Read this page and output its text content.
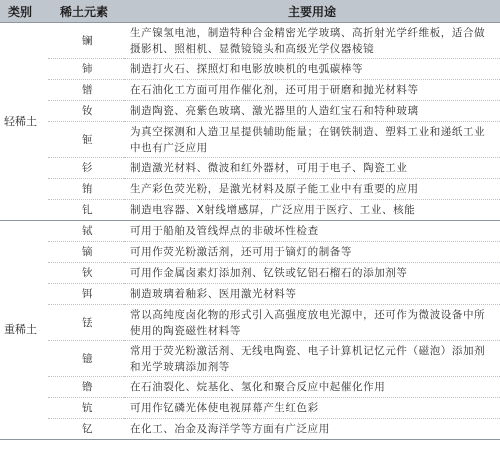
类别	稀土元素	主要用途
轻稀土	镧	生产镍氢电池，制造特种合金精密光学玻璃、高折射光学纤维板，适合做摄影机、照相机、显微镜镜头和高级光学仪器棱镜
	铈	制造打火石、探照灯和电影放映机的电弧碳棒等
	镨	在石油化工方面可用作催化剂，还可用于研磨和抛光材料等
	钕	制造陶瓷、亮紫色玻璃、激光器里的人造红宝石和特种玻璃
	钷	为真空探测和人造卫星提供辅助能量；在钢铁制造、塑料工业和递纸工业中也有广泛应用
	钐	制造激光材料、微波和红外器材，可用于电子、陶瓷工业
	铕	生产彩色荧光粉，是激光材料及原子能工业中有重要的应用
	钆	制造电容器、X射线增感屏，广泛应用于医疗、工业、核能
重稀土	铽	可用于船舶及管线焊点的非破坏性检查
	镝	可用作荧光粉激活剂，还可用于镝灯的制备等
	钬	可用作金属卤素灯添加剂、钇铁或钇铝石榴石的添加剂等
	铒	制造玻璃着釉彩、医用激光材料等
	铥	常以高纯度卤化物的形式引入高强度放电光源中，还可作为微波设备中所使用的陶瓷磁性材料等
	镱	常用于荧光粉激活剂、无线电陶瓷、电子计算机记忆元件（磁泡）添加剂和光学玻璃添加剂等
	镥	在石油裂化、烷基化、氢化和聚合反应中起催化作用
	钪	可用作钇磷光体使电视屏幕产生红色彩
	钇	在化工、冶金及海洋学等方面有广泛应用
